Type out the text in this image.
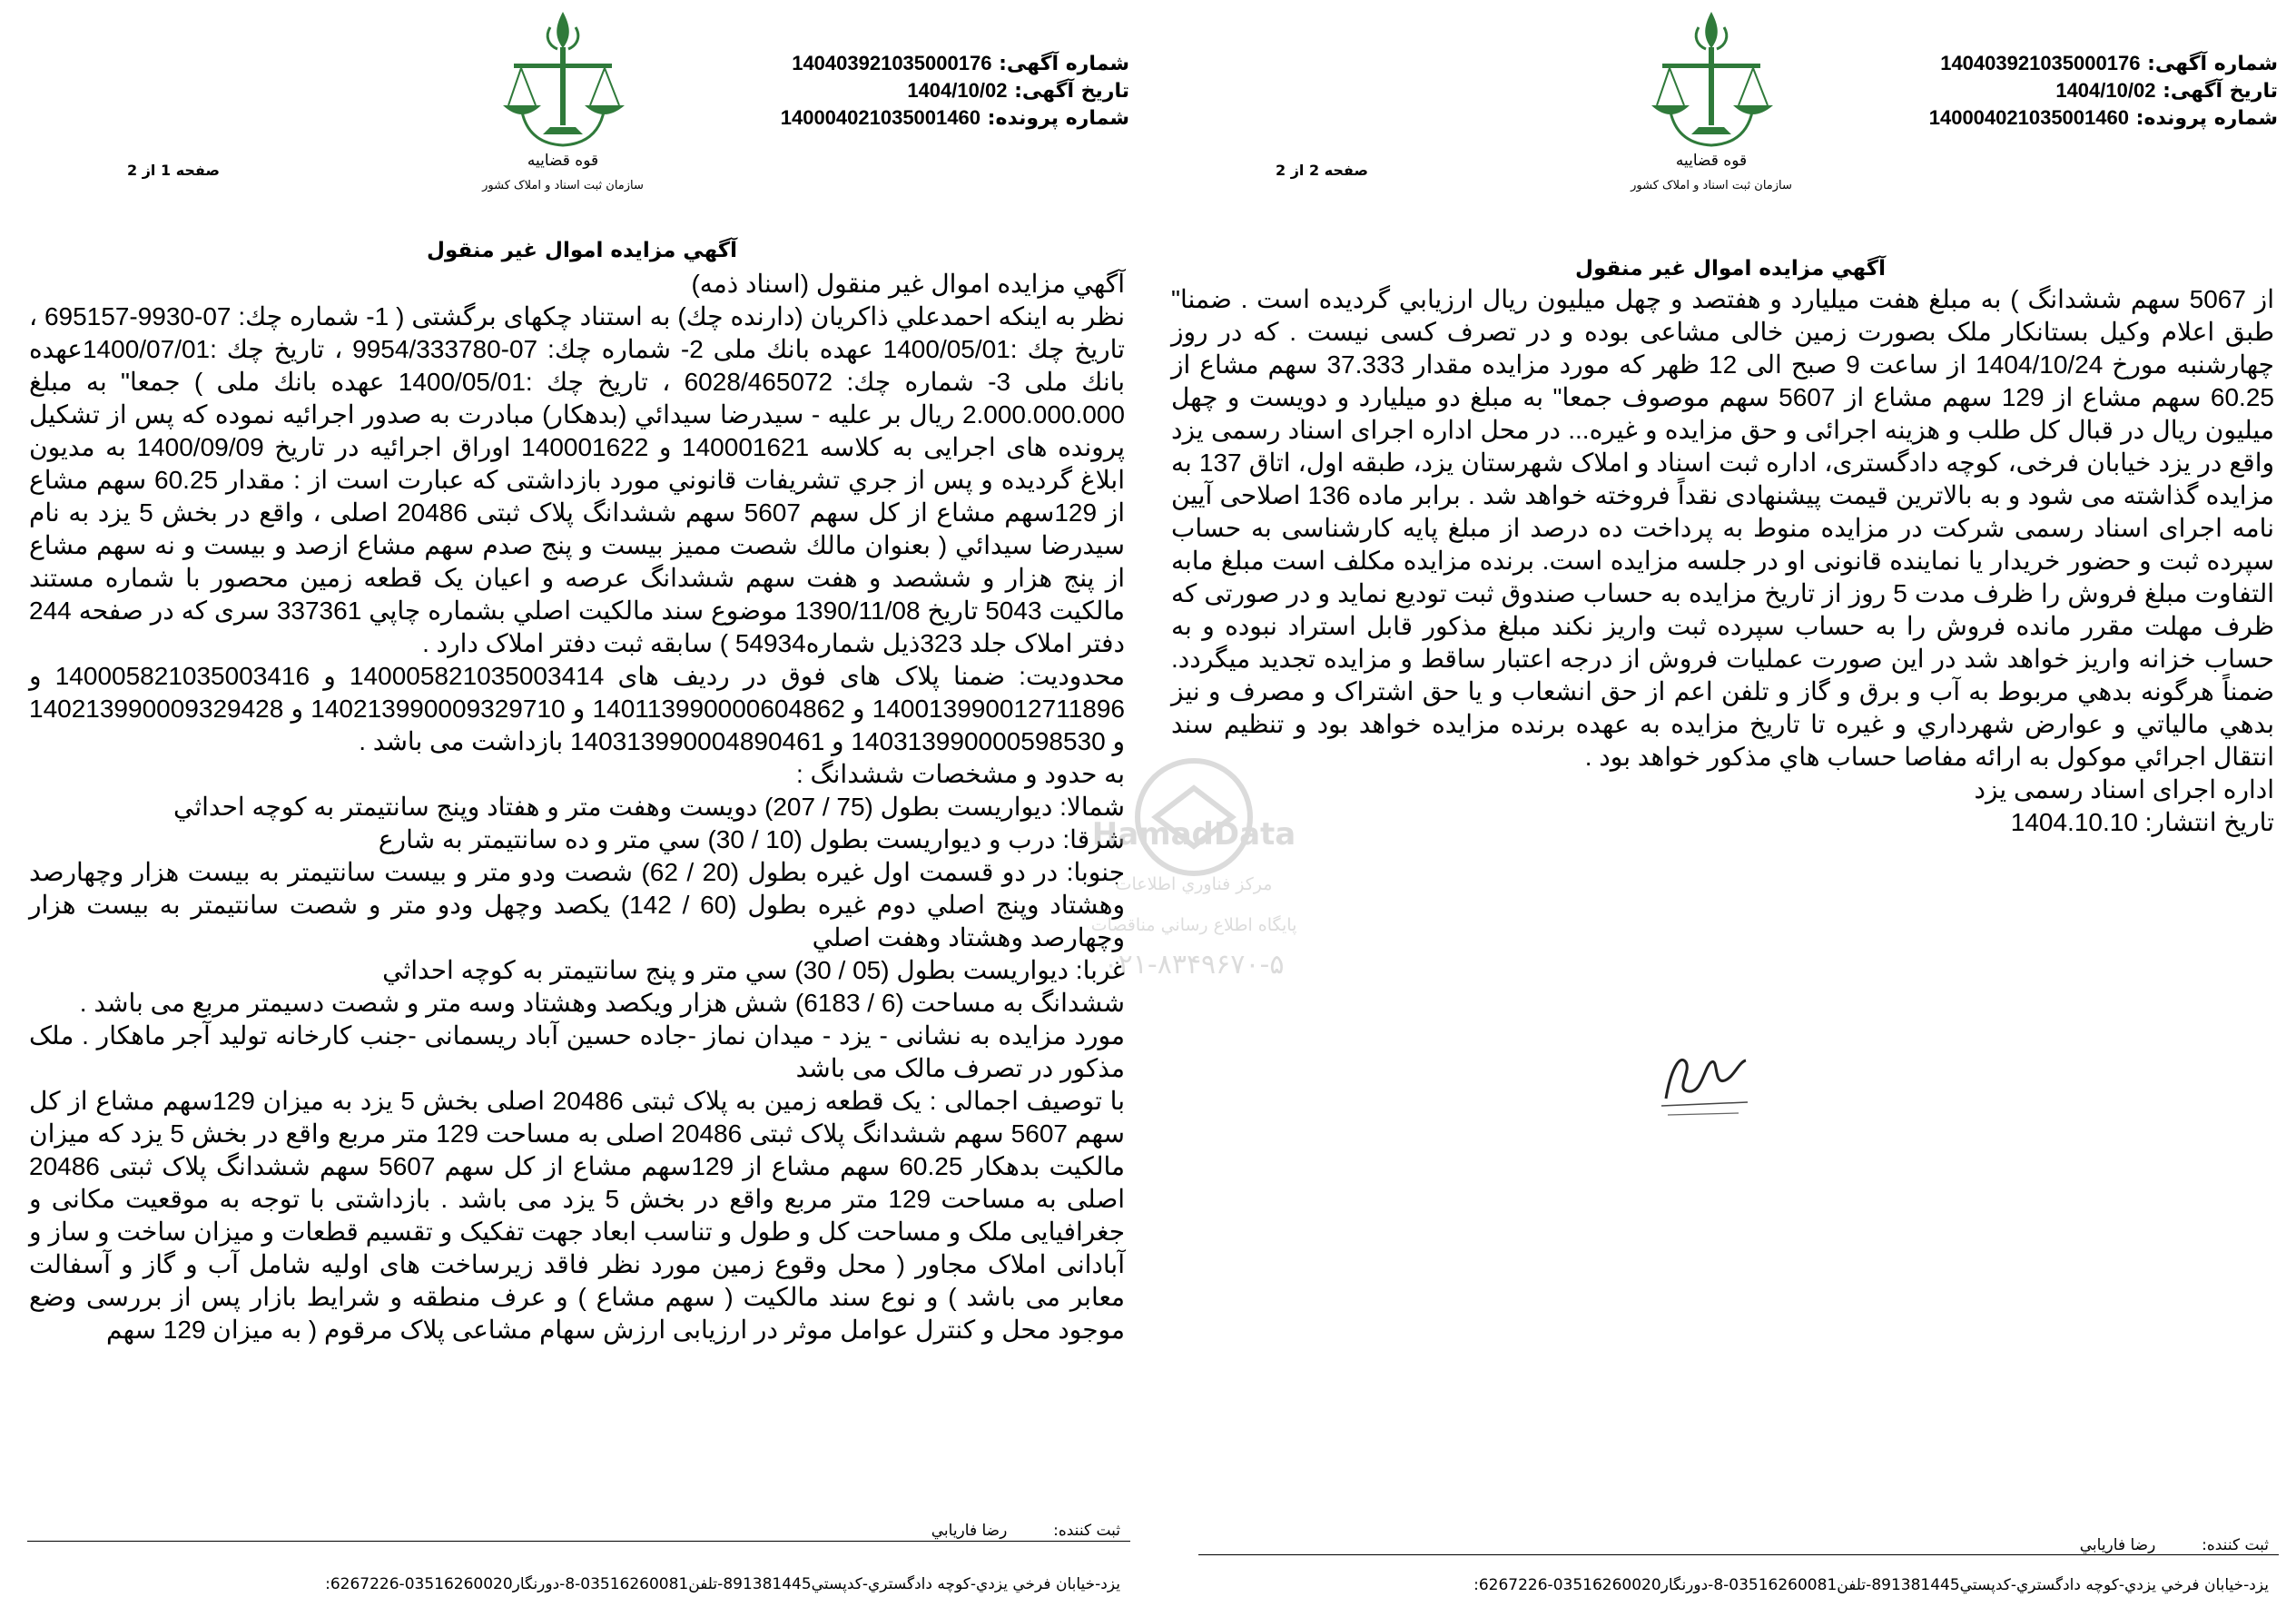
شماره آگهی: 140403921035000176
تاریخ آگهی: 1404/10/02
شماره پرونده: 140004021035001460
قوه قضاییه
سازمان ثبت اسناد و املاک کشور
صفحه 1 از 2
آگهي مزايده اموال غير منقول

آگهي مزايده اموال غير منقول (اسناد ذمه)

نظر به اينكه احمدعلي ذاكريان (دارنده چك) به استناد چكهای برگشتی ( 1- شماره چك: 07-9930-695157 ، تاريخ چك :1400/05/01 عهده بانك ملی 2- شماره چك: 07-9954/333780 ، تاريخ چك :1400/07/01عهده بانك ملی 3- شماره چك: 6028/465072 ، تاريخ چك :1400/05/01 عهده بانك ملی ) جمعا" به مبلغ 2.000.000.000 ريال بر عليه - سيدرضا سيدائي (بدهكار) مبادرت به صدور اجرائيه نموده كه پس از تشكيل پرونده های اجرايی به كلاسه 140001621 و 140001622 اوراق اجرائيه در تاريخ 1400/09/09 به مديون ابلاغ گرديده و پس از جري تشريفات قانوني مورد بازداشتی كه عبارت است از : مقدار 60.25 سهم مشاع از 129سهم مشاع از كل سهم 5607 سهم ششدانگ پلاک ثبتی 20486 اصلی ، واقع در بخش 5 يزد به نام سيدرضا سيدائي ( بعنوان مالك شصت مميز بيست و پنج صدم سهم مشاع ازصد و بيست و نه سهم مشاع از پنج هزار و ششصد و هفت سهم ششدانگ عرصه و اعيان يک قطعه زمين محصور با شماره مستند مالكيت 5043 تاريخ 1390/11/08 موضوع سند مالكيت اصلي بشماره چاپي 337361 سری كه در صفحه 244 دفتر املاک جلد 323ذيل شماره54934 ) سابقه ثبت دفتر املاک دارد .

محدوديت: ضمنا پلاک های فوق در رديف های 140005821035003414 و 140005821035003416 و 140013990012711896 و 140113990000604862 و 140213990009329710 و 140213990009329428 و 140313990000598530 و 140313990004890461 بازداشت می باشد .

به حدود و مشخصات ششدانگ :

شمالا: ديواريست بطول (75 / 207) دويست وهفت متر و هفتاد وپنج سانتيمتر به كوچه احداثي

شرقا: درب و ديواريست بطول (10 / 30) سي متر و ده سانتيمتر به شارع

جنوبا: در دو قسمت اول غيره بطول (20 / 62) شصت ودو متر و بيست سانتيمتر به بيست هزار وچهارصد وهشتاد وپنج اصلي دوم غيره بطول (60 / 142) يكصد وچهل ودو متر و شصت سانتيمتر به بيست هزار وچهارصد وهشتاد وهفت اصلي

غربا: ديواريست بطول (05 / 30) سي متر و پنج سانتيمتر به كوچه احداثي

ششدانگ به مساحت (6 / 6183) شش هزار ويكصد وهشتاد وسه متر و شصت دسيمتر مربع می باشد .

مورد مزايده به نشانی - يزد - ميدان نماز -جاده حسين آباد ريسمانی -جنب كارخانه توليد آجر ماهكار . ملک مذكور در تصرف مالک می باشد

با توصيف اجمالی : يک قطعه زمين به پلاک ثبتی 20486 اصلی بخش 5 يزد به ميزان 129سهم مشاع از كل سهم 5607 سهم ششدانگ پلاک ثبتی 20486 اصلی به مساحت 129 متر مربع واقع در بخش 5 يزد كه ميزان مالكيت بدهكار 60.25 سهم مشاع از 129سهم مشاع از كل سهم 5607 سهم ششدانگ پلاک ثبتی 20486 اصلی به مساحت 129 متر مربع واقع در بخش 5 يزد می باشد . بازداشتی با توجه به موقعيت مكانی و جغرافيايی ملک و مساحت كل و طول و تناسب ابعاد جهت تفكيک و تقسيم قطعات و ميزان ساخت و ساز و آبادانی املاک مجاور ( محل وقوع زمين مورد نظر فاقد زيرساخت های اوليه شامل آب و گاز و آسفالت معابر می باشد ) و نوع سند مالكيت ( سهم مشاع ) و عرف منطقه و شرايط بازار پس از بررسی وضع موجود محل و كنترل عوامل موثر در ارزيابی ارزش سهام مشاعی پلاک مرقوم ( به ميزان 129 سهم

ثبت كننده:  رضا فاريابي
يزد-خيابان فرخي يزدي-كوچه دادگستري-كدپستي891381445-تلفن03516260081-8-دورنگار03516260020-6267226:
شماره آگهی: 140403921035000176
تاریخ آگهی: 1404/10/02
شماره پرونده: 140004021035001460
قوه قضاییه
سازمان ثبت اسناد و املاک کشور
صفحه 2 از 2
آگهي مزايده اموال غير منقول

از 5067 سهم ششدانگ ) به مبلغ هفت ميليارد و هفتصد و چهل ميليون ريال ارزيابي گرديده است . ضمنا" طبق اعلام وكيل بستانكار ملک بصورت زمين خالی مشاعی بوده و در تصرف كسی نيست . كه در روز چهارشنبه مورخ 1404/10/24 از ساعت 9 صبح الی 12 ظهر كه مورد مزايده مقدار 37.333 سهم مشاع از 60.25 سهم مشاع از 129 سهم مشاع از 5607 سهم موصوف جمعا" به مبلغ دو ميليارد و دويست و چهل ميليون ريال در قبال كل طلب و هزينه اجرائی و حق مزايده و غيره... در محل اداره اجرای اسناد رسمی يزد واقع در يزد خيابان فرخی، كوچه دادگستری، اداره ثبت اسناد و املاک شهرستان يزد، طبقه اول، اتاق 137 به مزايده گذاشته می شود و به بالاترين قيمت پيشنهادی نقداً فروخته خواهد شد . برابر ماده 136 اصلاحی آيين نامه اجرای اسناد رسمی شركت در مزايده منوط به پرداخت ده درصد از مبلغ پايه كارشناسی به حساب سپرده ثبت و حضور خريدار يا نماينده قانونی او در جلسه مزايده است. برنده مزايده مكلف است مبلغ مابه التفاوت مبلغ فروش را ظرف مدت 5 روز از تاريخ مزايده به حساب صندوق ثبت توديع نمايد و در صورتی كه ظرف مهلت مقرر مانده فروش را به حساب سپرده ثبت واريز نكند مبلغ مذكور قابل استراد نبوده و به حساب خزانه واريز خواهد شد در اين صورت عمليات فروش از درجه اعتبار ساقط و مزايده تجديد ميگردد. ضمناً هرگونه بدهي مربوط به آب و برق و گاز و تلفن اعم از حق انشعاب و يا حق اشتراک و مصرف و نيز بدهي مالياتي و عوارض شهرداري و غيره تا تاريخ مزايده به عهده برنده مزايده خواهد بود و تنظيم سند انتقال اجرائي موكول به ارائه مفاصا حساب هاي مذكور خواهد بود .

اداره اجرای اسناد رسمی يزد

تاريخ انتشار: 1404.10.10

ثبت كننده:  رضا فاريابي
يزد-خيابان فرخي يزدي-كوچه دادگستري-كدپستي891381445-تلفن03516260081-8-دورنگار03516260020-6267226:
HamadData
مركز فناوري اطلاعات
پايگاه اطلاع رساني مناقصات
۰۲۱-۸۳۴۹۶۷۰-۵
